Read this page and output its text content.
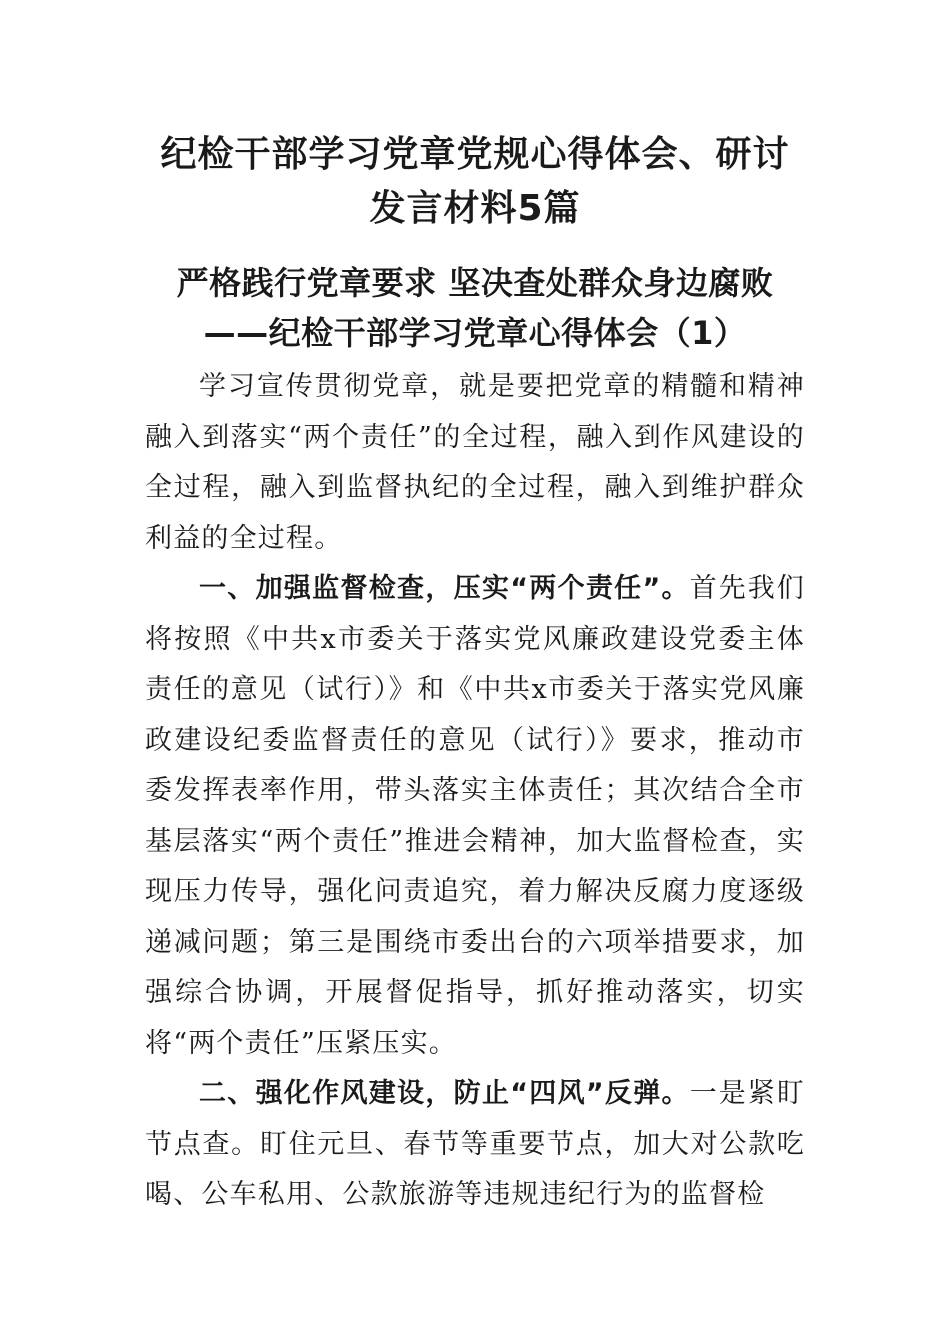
纪检干部学习党章党规心得体会、研讨
发言材料5篇
严格践行党章要求 坚决查处群众身边腐败
——纪检干部学习党章心得体会（1）

学习宣传贯彻党章，就是要把党章的精髓和精神融入到落实“两个责任”的全过程，融入到作风建设的全过程，融入到监督执纪的全过程，融入到维护群众利益的全过程。

一、加强监督检查，压实“两个责任”。首先我们将按照《中共x市委关于落实党风廉政建设党委主体责任的意见（试行）》和《中共x市委关于落实党风廉政建设纪委监督责任的意见（试行）》要求，推动市委发挥表率作用，带头落实主体责任；其次结合全市基层落实“两个责任”推进会精神，加大监督检查，实现压力传导，强化问责追究，着力解决反腐力度逐级递减问题；第三是围绕市委出台的六项举措要求，加强综合协调，开展督促指导，抓好推动落实，切实将“两个责任”压紧压实。

二、强化作风建设，防止“四风”反弹。一是紧盯节点查。盯住元旦、春节等重要节点，加大对公款吃喝、公车私用、公款旅游等违规违纪行为的监督检
